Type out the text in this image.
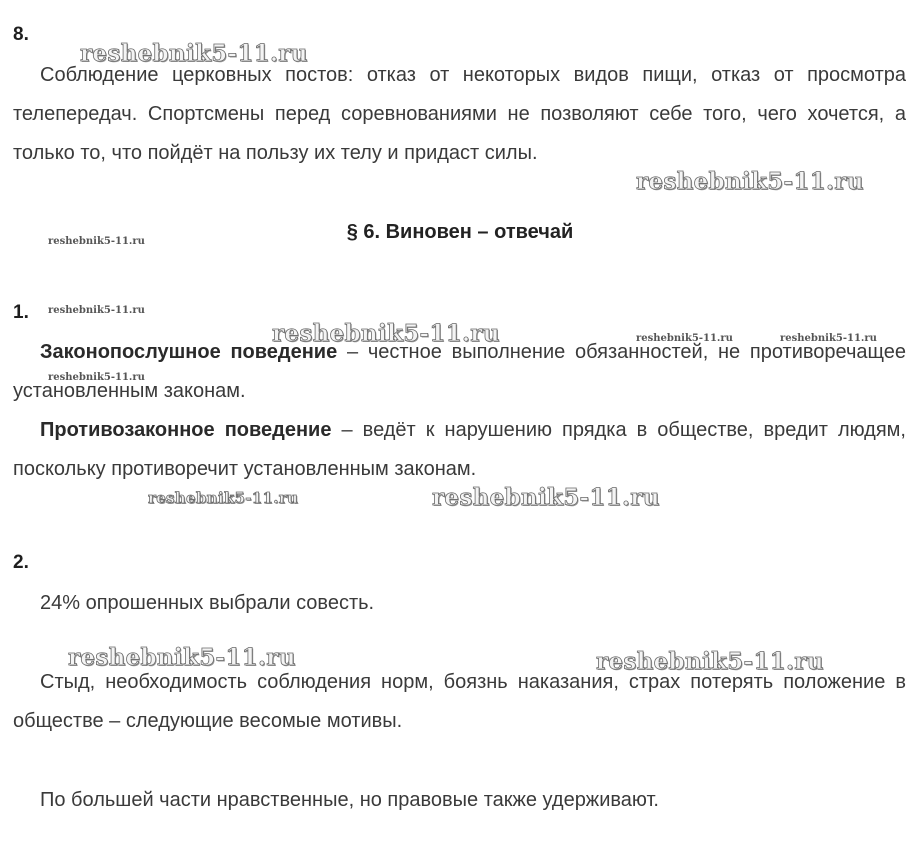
8.

Соблюдение церковных постов: отказ от некоторых видов пищи, отказ от просмотра телепередач. Спортсмены перед соревнованиями не позволяют себе того, чего хочется, а только то, что пойдёт на пользу их телу и придаст силы.

§ 6. Виновен – отвечай
1.

Законопослушное поведение – честное выполнение обязанностей, не противоречащее установленным законам.

Противозаконное поведение – ведёт к нарушению прядка в обществе, вредит людям, поскольку противоречит установленным законам.

2.

24% опрошенных выбрали совесть.

Стыд, необходимость соблюдения норм, боязнь наказания, страх потерять положение в обществе – следующие весомые мотивы.

По большей части нравственные, но правовые также удерживают.

reshebnik5-11.ru
reshebnik5-11.ru
reshebnik5-11.ru
reshebnik5-11.ru
reshebnik5-11.ru	reshebnik5-11.ru
reshebnik5-11.ru
reshebnik5-11.ru
reshebnik5-11.ru
reshebnik5-11.ru	reshebnik5-11.ru
reshebnik5-11.ru
